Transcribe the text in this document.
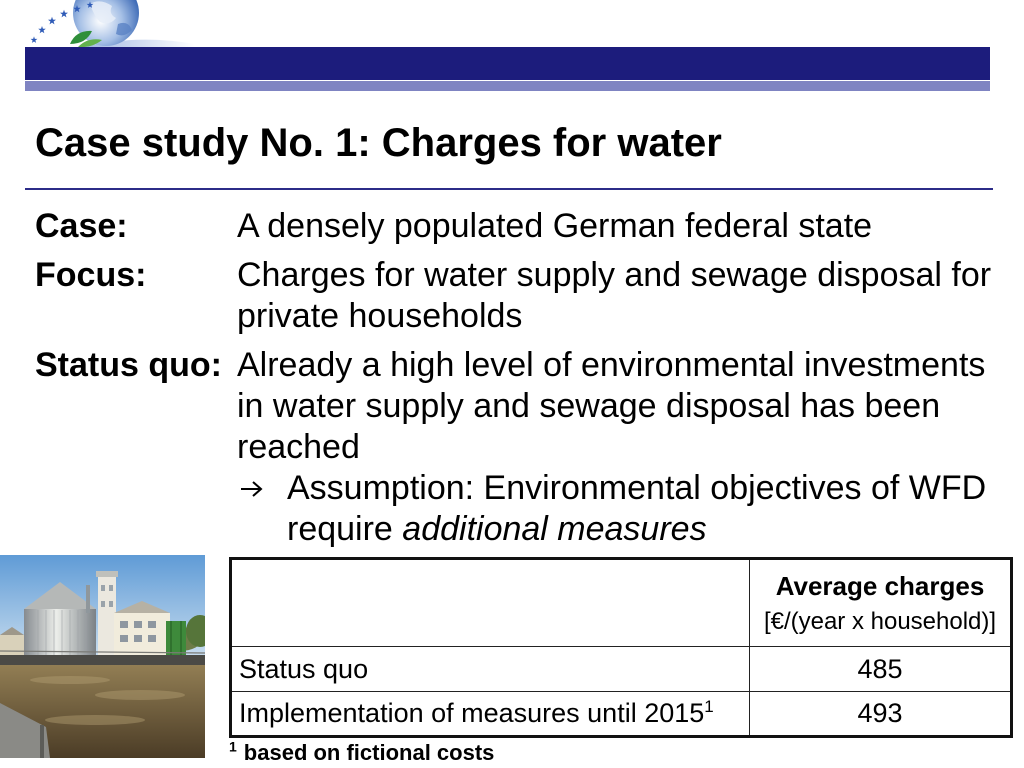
Case study No. 1: Charges for water
Case:	A densely populated German federal state
Focus:	Charges for water supply and sewage disposal for
private households
Status quo: Already a high level of environmental investments
in water supply and sewage disposal has been
reached
Assumption: Environmental objectives of WFD
require additional measures

	Average charges
[€/(year x household)]

Status quo	485
Implementation of measures until 2015$^1$	493
$^1$ based on fictional costs
